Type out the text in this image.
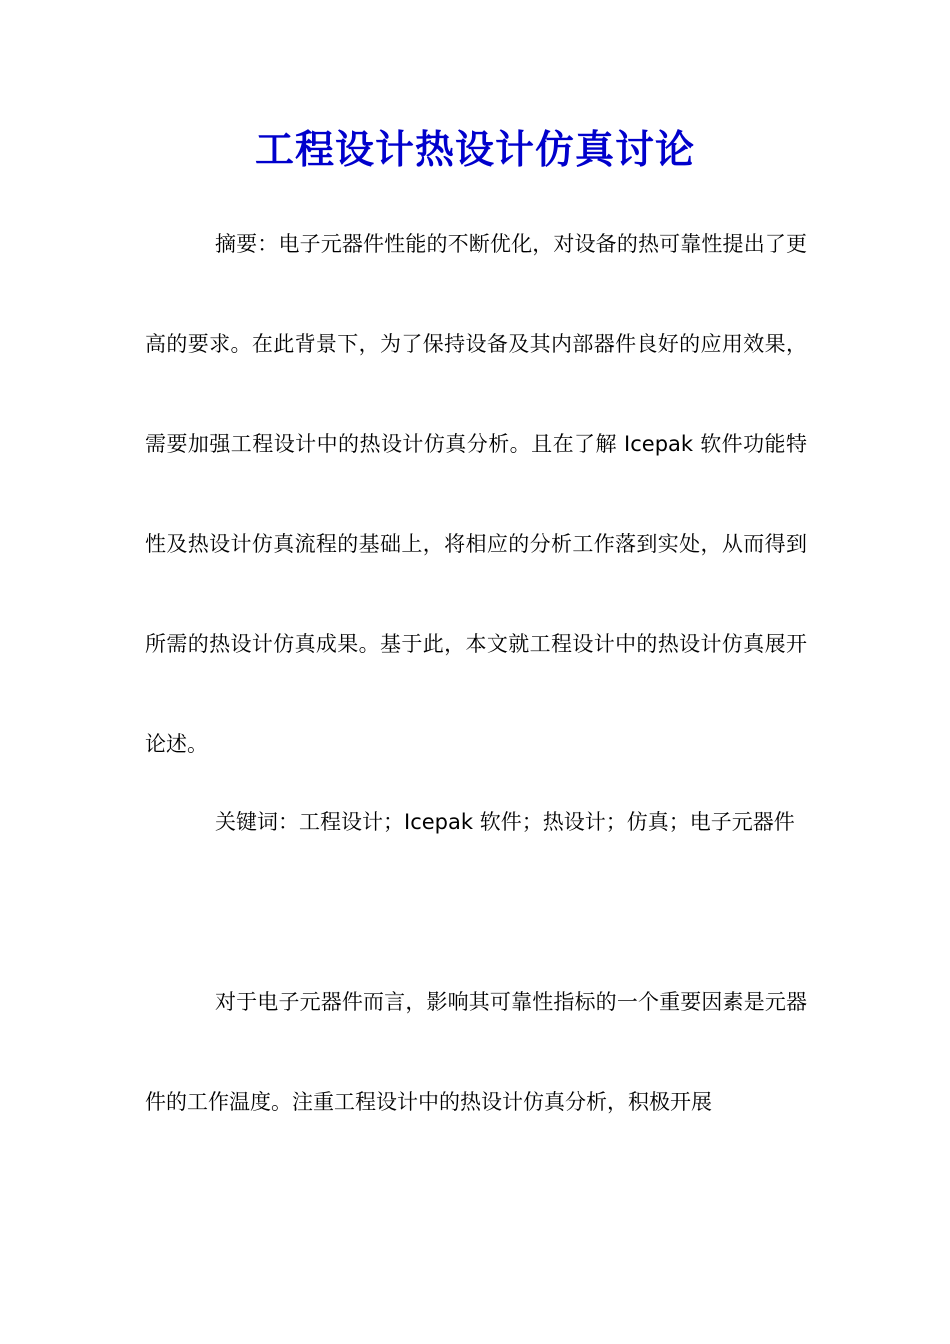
工程设计热设计仿真讨论

摘要：电子元器件性能的不断优化，对设备的热可靠性提出了更高的要求。在此背景下，为了保持设备及其内部器件良好的应用效果，需要加强工程设计中的热设计仿真分析。且在了解 Icepak 软件功能特性及热设计仿真流程的基础上，将相应的分析工作落到实处，从而得到所需的热设计仿真成果。基于此，本文就工程设计中的热设计仿真展开论述。

关键词：工程设计；Icepak 软件；热设计；仿真；电子元器件

对于电子元器件而言，影响其可靠性指标的一个重要因素是元器件的工作温度。注重工程设计中的热设计仿真分析，积极开展
